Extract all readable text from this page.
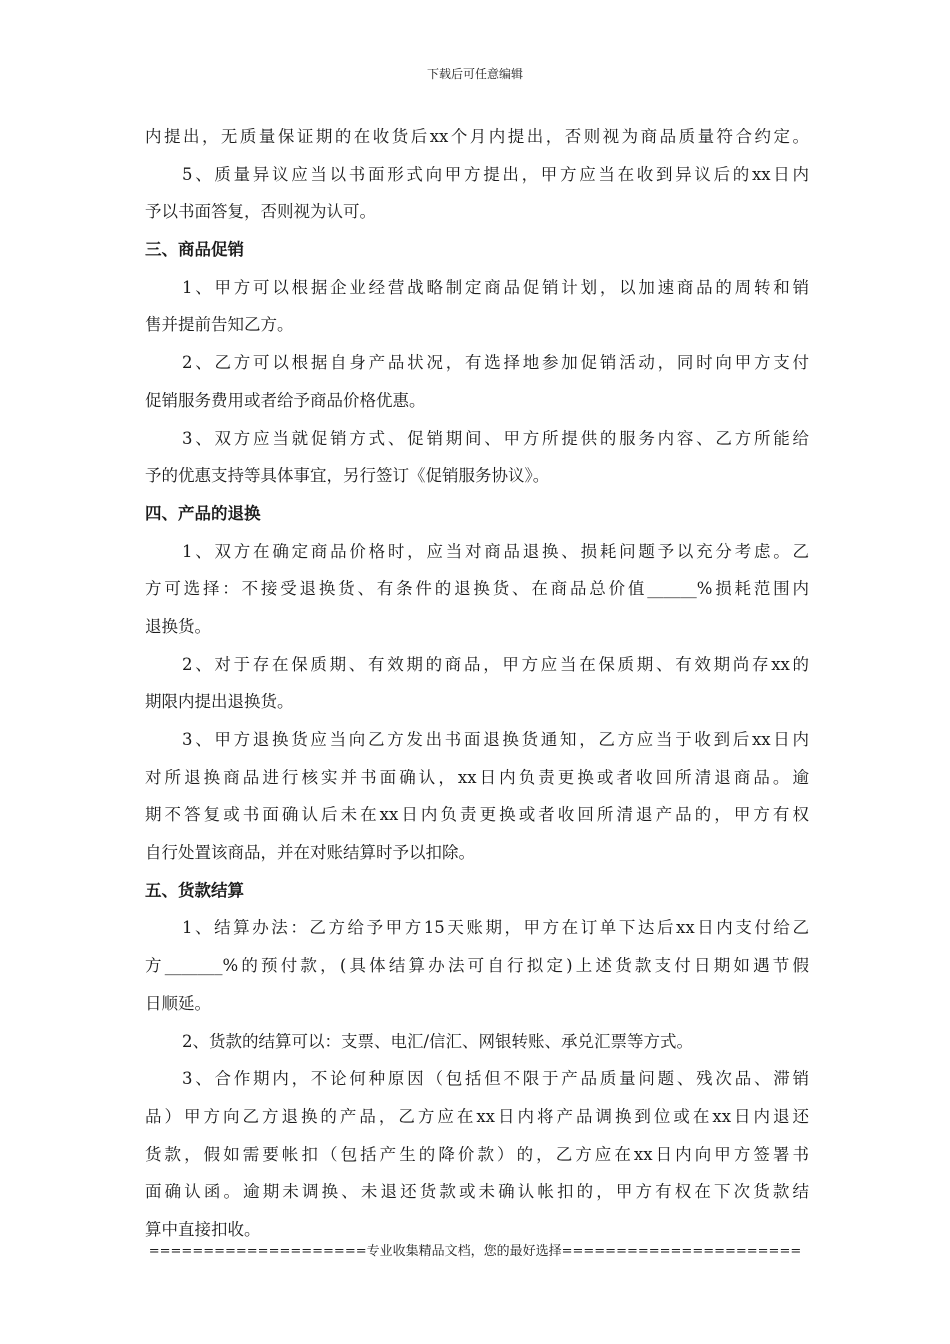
下载后可任意编辑
内提出，无质量保证期的在收货后xx个月内提出，否则视为商品质量符合约定。
5、质量异议应当以书面形式向甲方提出，甲方应当在收到异议后的xx日内
予以书面答复，否则视为认可。
三、商品促销
1、甲方可以根据企业经营战略制定商品促销计划，以加速商品的周转和销
售并提前告知乙方。
2、乙方可以根据自身产品状况，有选择地参加促销活动，同时向甲方支付
促销服务费用或者给予商品价格优惠。
3、双方应当就促销方式、促销期间、甲方所提供的服务内容、乙方所能给
予的优惠支持等具体事宜，另行签订《促销服务协议》。
四、产品的退换
1、双方在确定商品价格时，应当对商品退换、损耗问题予以充分考虑。乙
方可选择：不接受退换货、有条件的退换货、在商品总价值______%损耗范围内
退换货。
2、对于存在保质期、有效期的商品，甲方应当在保质期、有效期尚存xx的
期限内提出退换货。
3、甲方退换货应当向乙方发出书面退换货通知，乙方应当于收到后xx日内
对所退换商品进行核实并书面确认，xx日内负责更换或者收回所清退商品。逾
期不答复或书面确认后未在xx日内负责更换或者收回所清退产品的，甲方有权
自行处置该商品，并在对账结算时予以扣除。
五、货款结算
1、结算办法：乙方给予甲方15天账期，甲方在订单下达后xx日内支付给乙
方_______%的预付款，(具体结算办法可自行拟定)上述货款支付日期如遇节假
日顺延。
2、货款的结算可以：支票、电汇/信汇、网银转账、承兑汇票等方式。
3、合作期内，不论何种原因（包括但不限于产品质量问题、残次品、滞销
品）甲方向乙方退换的产品，乙方应在xx日内将产品调换到位或在xx日内退还
货款，假如需要帐扣（包括产生的降价款）的，乙方应在xx日内向甲方签署书
面确认函。逾期未调换、未退还货款或未确认帐扣的，甲方有权在下次货款结
算中直接扣收。
====================专业收集精品文档，您的最好选择======================
